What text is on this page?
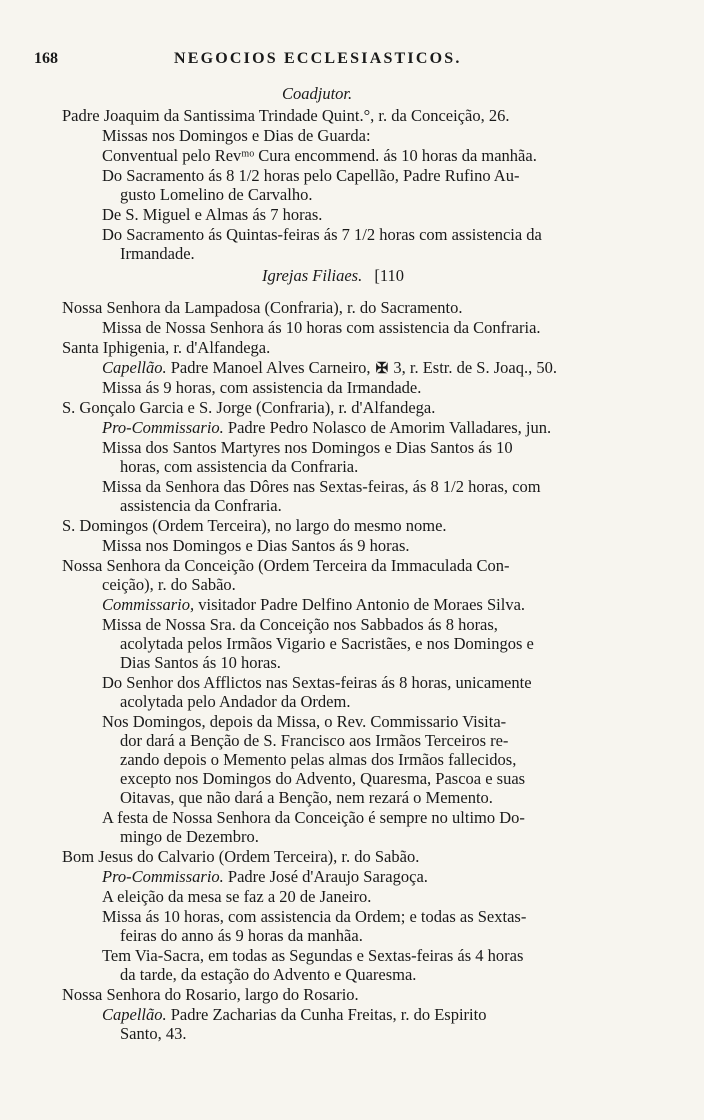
168	NEGOCIOS ECCLESIASTICOS.
Coadjutor.
Padre Joaquim da Santissima Trindade Quint.°, r. da Conceição, 26.
Missas nos Domingos e Dias de Guarda:
Conventual pelo Revᵐᵒ Cura encommend. ás 10 horas da manhãa.
Do Sacramento ás 8 1/2 horas pelo Capellão, Padre Rufino Au-
gusto Lomelino de Carvalho.
De S. Miguel e Almas ás 7 horas.
Do Sacramento ás Quintas-feiras ás 7 1/2 horas com assistencia da
Irmandade.
Igrejas Filiaes. [110
Nossa Senhora da Lampadosa (Confraria), r. do Sacramento.
Missa de Nossa Senhora ás 10 horas com assistencia da Confraria.
Santa Iphigenia, r. d'Alfandega.
Capellão. Padre Manoel Alves Carneiro, ✠ 3, r. Estr. de S. Joaq., 50.
Missa ás 9 horas, com assistencia da Irmandade.
S. Gonçalo Garcia e S. Jorge (Confraria), r. d'Alfandega.
Pro-Commissario. Padre Pedro Nolasco de Amorim Valladares, jun.
Missa dos Santos Martyres nos Domingos e Dias Santos ás 10
horas, com assistencia da Confraria.
Missa da Senhora das Dôres nas Sextas-feiras, ás 8 1/2 horas, com
assistencia da Confraria.
S. Domingos (Ordem Terceira), no largo do mesmo nome.
Missa nos Domingos e Dias Santos ás 9 horas.
Nossa Senhora da Conceição (Ordem Terceira da Immaculada Con-
ceição), r. do Sabão.
Commissario, visitador Padre Delfino Antonio de Moraes Silva.
Missa de Nossa Sra. da Conceição nos Sabbados ás 8 horas,
acolytada pelos Irmãos Vigario e Sacristães, e nos Domingos e
Dias Santos ás 10 horas.
Do Senhor dos Afflictos nas Sextas-feiras ás 8 horas, unicamente
acolytada pelo Andador da Ordem.
Nos Domingos, depois da Missa, o Rev. Commissario Visita-
dor dará a Benção de S. Francisco aos Irmãos Terceiros re-
zando depois o Memento pelas almas dos Irmãos fallecidos,
excepto nos Domingos do Advento, Quaresma, Pascoa e suas
Oitavas, que não dará a Benção, nem rezará o Memento.
A festa de Nossa Senhora da Conceição é sempre no ultimo Do-
mingo de Dezembro.
Bom Jesus do Calvario (Ordem Terceira), r. do Sabão.
Pro-Commissario. Padre José d'Araujo Saragoça.
A eleição da mesa se faz a 20 de Janeiro.
Missa ás 10 horas, com assistencia da Ordem; e todas as Sextas-
feiras do anno ás 9 horas da manhãa.
Tem Via-Sacra, em todas as Segundas e Sextas-feiras ás 4 horas
da tarde, da estação do Advento e Quaresma.
Nossa Senhora do Rosario, largo do Rosario.
Capellão. Padre Zacharias da Cunha Freitas, r. do Espirito
Santo, 43.
